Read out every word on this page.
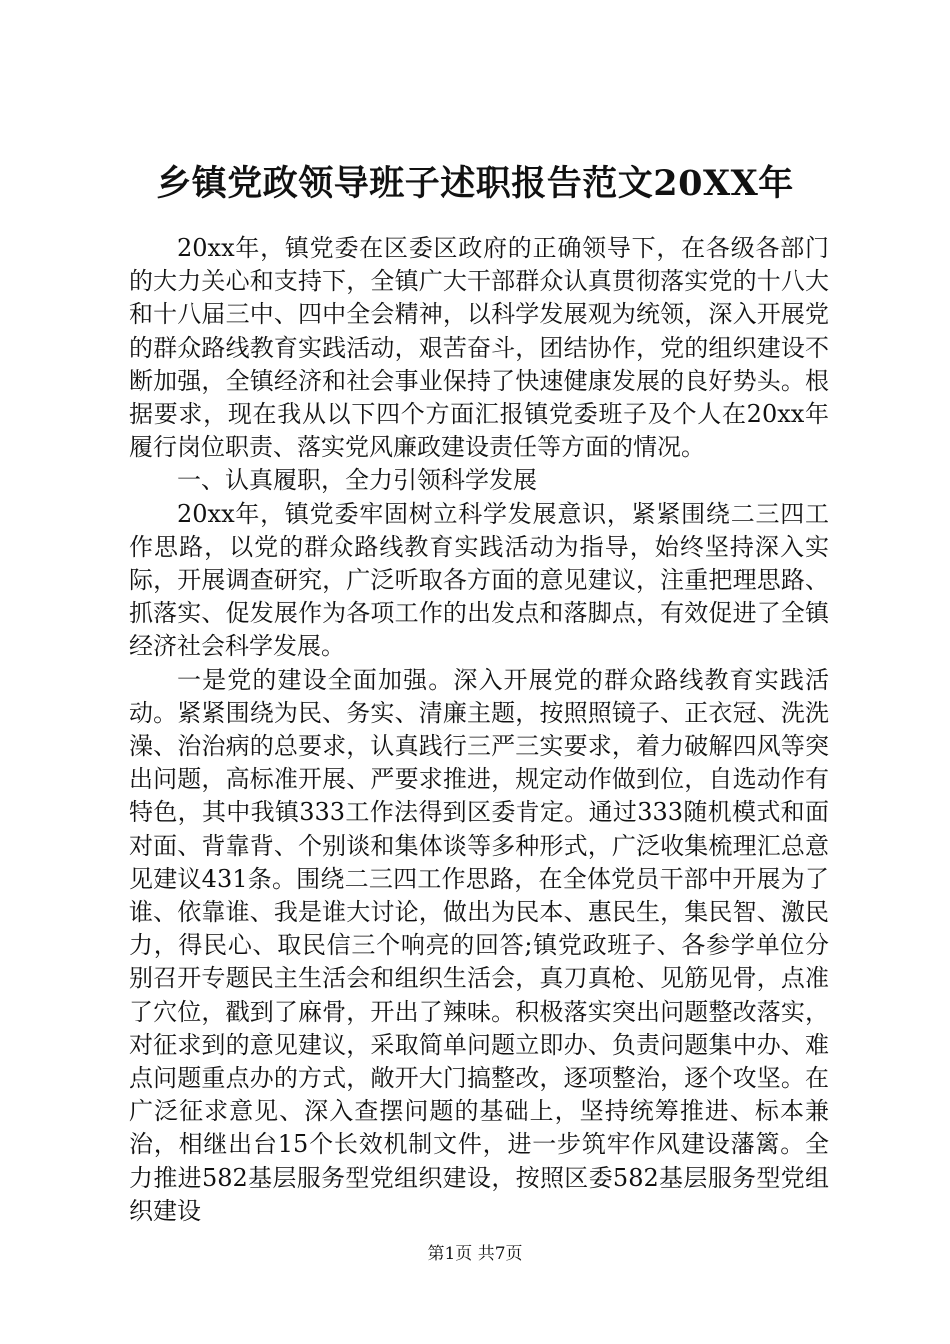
乡镇党政领导班子述职报告范文20XX年

20xx年，镇党委在区委区政府的正确领导下，在各级各部门的大力关心和支持下，全镇广大干部群众认真贯彻落实党的十八大和十八届三中、四中全会精神，以科学发展观为统领，深入开展党的群众路线教育实践活动，艰苦奋斗，团结协作，党的组织建设不断加强，全镇经济和社会事业保持了快速健康发展的良好势头。根据要求，现在我从以下四个方面汇报镇党委班子及个人在20xx年履行岗位职责、落实党风廉政建设责任等方面的情况。

一、认真履职，全力引领科学发展

20xx年，镇党委牢固树立科学发展意识，紧紧围绕二三四工作思路，以党的群众路线教育实践活动为指导，始终坚持深入实际，开展调查研究，广泛听取各方面的意见建议，注重把理思路、抓落实、促发展作为各项工作的出发点和落脚点，有效促进了全镇经济社会科学发展。

一是党的建设全面加强。深入开展党的群众路线教育实践活动。紧紧围绕为民、务实、清廉主题，按照照镜子、正衣冠、洗洗澡、治治病的总要求，认真践行三严三实要求，着力破解四风等突出问题，高标准开展、严要求推进，规定动作做到位，自选动作有特色，其中我镇333工作法得到区委肯定。通过333随机模式和面对面、背靠背、个别谈和集体谈等多种形式，广泛收集梳理汇总意见建议431条。围绕二三四工作思路，在全体党员干部中开展为了谁、依靠谁、我是谁大讨论，做出为民本、惠民生，集民智、激民力，得民心、取民信三个响亮的回答;镇党政班子、各参学单位分别召开专题民主生活会和组织生活会，真刀真枪、见筋见骨，点准了穴位，戳到了麻骨，开出了辣味。积极落实突出问题整改落实，对征求到的意见建议，采取简单问题立即办、负责问题集中办、难点问题重点办的方式，敞开大门搞整改，逐项整治，逐个攻坚。在广泛征求意见、深入查摆问题的基础上，坚持统筹推进、标本兼治，相继出台15个长效机制文件，进一步筑牢作风建设藩篱。全力推进582基层服务型党组织建设，按照区委582基层服务型党组织建设

第1页 共7页
